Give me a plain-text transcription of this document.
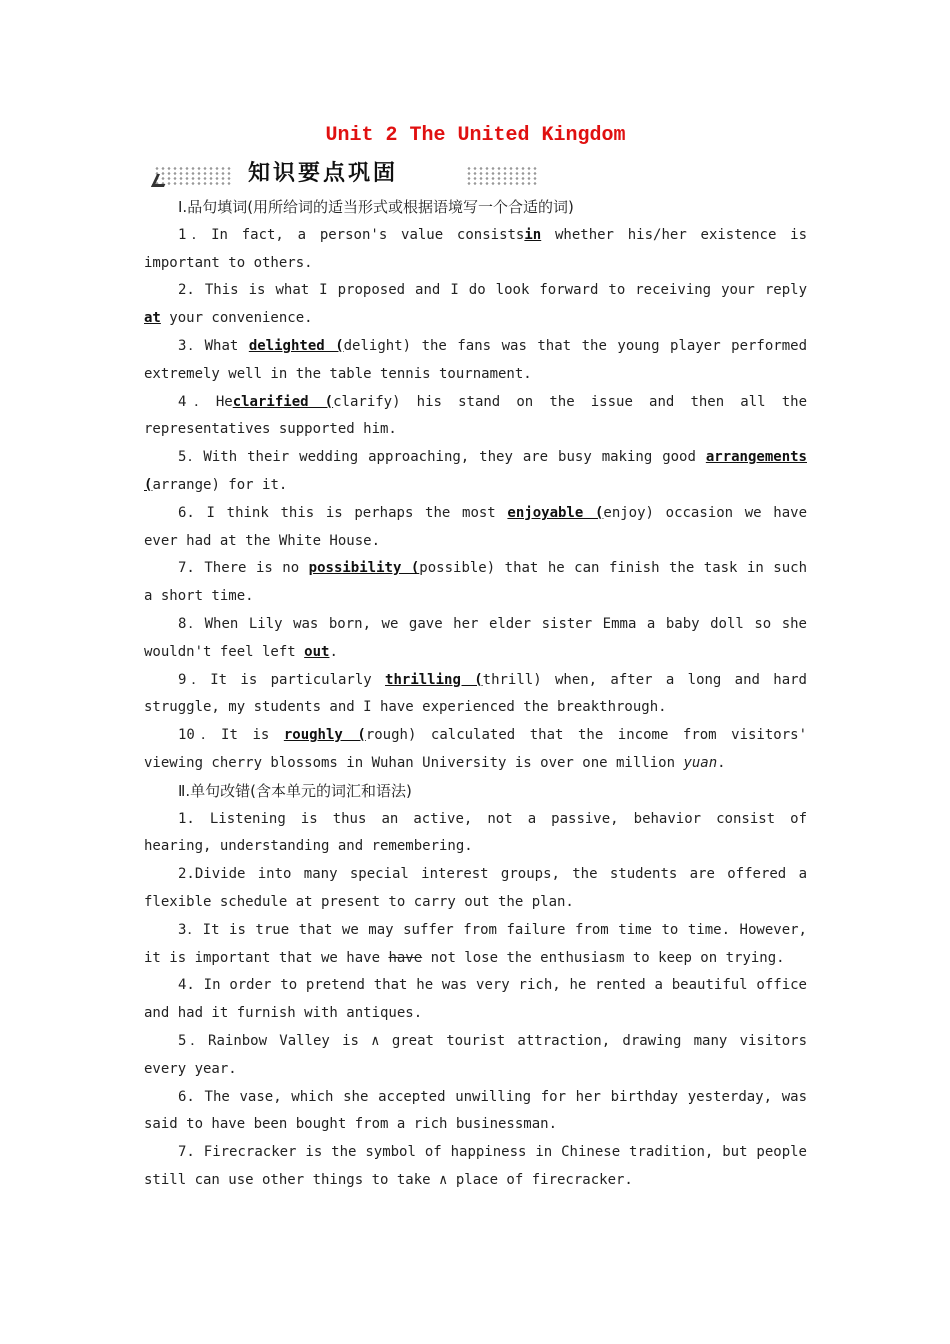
Unit 2 The United Kingdom
知识要点巩固
Ⅰ.品句填词(用所给词的适当形式或根据语境写一个合适的词)
1．In fact, a person's value consistsin whether his/her existence is important to others.
2. This is what I proposed and I do look forward to receiving your reply at your convenience.
3．What delighted (delight) the fans was that the young player performed extremely well in the table tennis tournament.
4．Heclarified (clarify) his stand on the issue and then all the representatives supported him.
5．With their wedding approaching, they are busy making good arrangements (arrange) for it.
6. I think this is perhaps the most enjoyable (enjoy) occasion we have ever had at the White House.
7. There is no possibility (possible) that he can finish the task in such a short time.
8．When Lily was born, we gave her elder sister Emma a baby doll so she wouldn't feel left out.
9．It is particularly thrilling (thrill) when, after a long and hard struggle, my students and I have experienced the breakthrough.
10．It is roughly (rough) calculated that the income from visitors' viewing cherry blossoms in Wuhan University is over one million yuan.
Ⅱ.单句改错(含本单元的词汇和语法)
1. Listening is thus an active, not a passive, behavior consist of hearing, understanding and remembering.
2.Divide into many special interest groups, the students are offered a flexible schedule at present to carry out the plan.
3．It is true that we may suffer from failure from time to time. However, it is important that we have have not lose the enthusiasm to keep on trying.
4. In order to pretend that he was very rich, he rented a beautiful office and had it furnish with antiques.
5．Rainbow Valley is ∧ great tourist attraction, drawing many visitors every year.
6. The vase, which she accepted unwilling for her birthday yesterday, was said to have been bought from a rich businessman.
7. Firecracker is the symbol of happiness in Chinese tradition, but people still can use other things to take ∧ place of firecracker.
